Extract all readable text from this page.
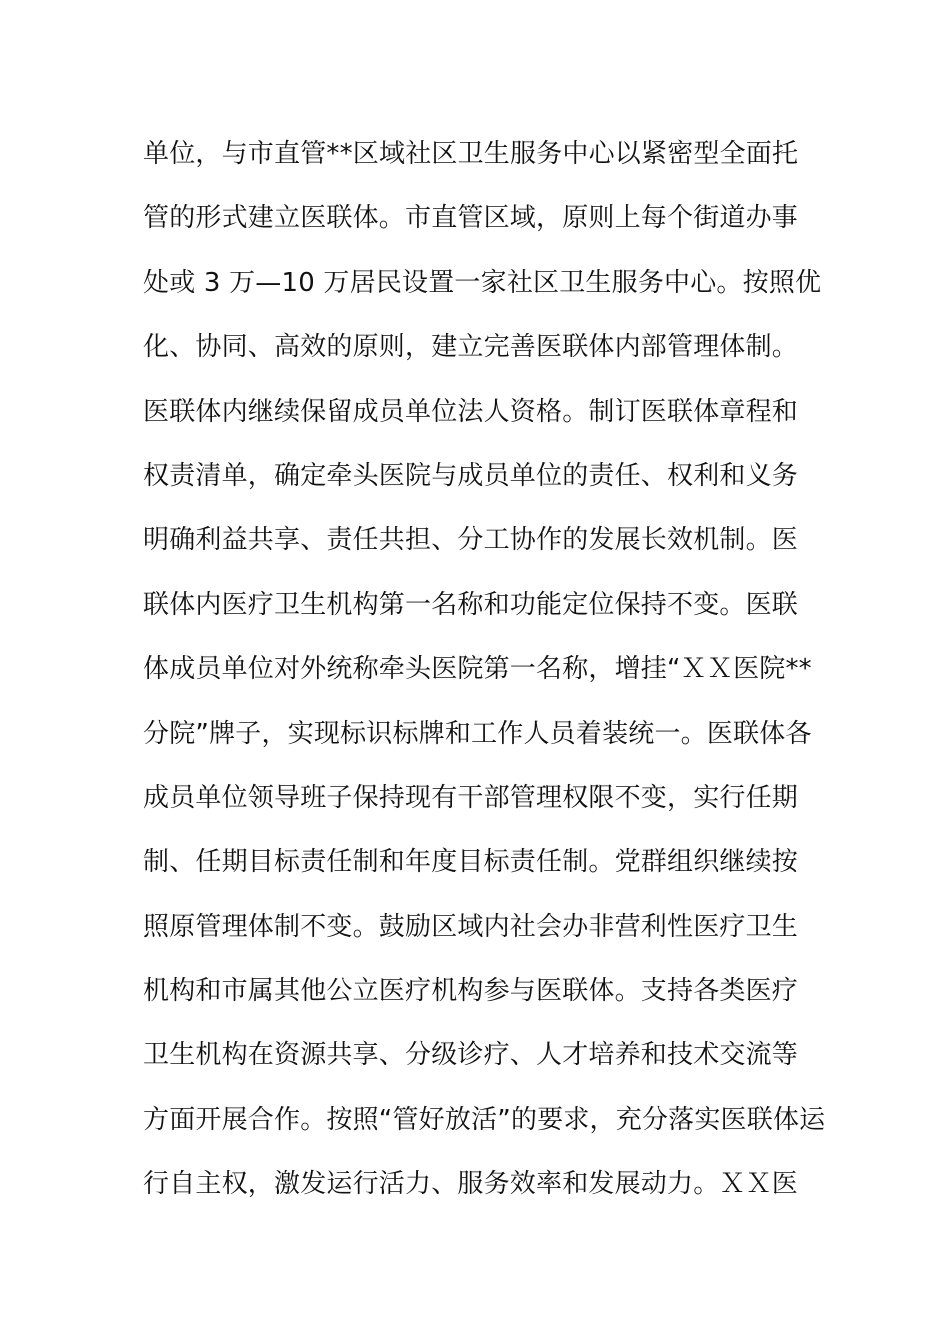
单位，与市直管**区域社区卫生服务中心以紧密型全面托
管的形式建立医联体。市直管区域，原则上每个街道办事
处或 3 万—10 万居民设置一家社区卫生服务中心。按照优
化、协同、高效的原则，建立完善医联体内部管理体制。
医联体内继续保留成员单位法人资格。制订医联体章程和
权责清单，确定牵头医院与成员单位的责任、权利和义务
明确利益共享、责任共担、分工协作的发展长效机制。医
联体内医疗卫生机构第一名称和功能定位保持不变。医联
体成员单位对外统称牵头医院第一名称，增挂“ＸＸ医院**
分院”牌子，实现标识标牌和工作人员着装统一。医联体各
成员单位领导班子保持现有干部管理权限不变，实行任期
制、任期目标责任制和年度目标责任制。党群组织继续按
照原管理体制不变。鼓励区域内社会办非营利性医疗卫生
机构和市属其他公立医疗机构参与医联体。支持各类医疗
卫生机构在资源共享、分级诊疗、人才培养和技术交流等
方面开展合作。按照“管好放活”的要求，充分落实医联体运
行自主权，激发运行活力、服务效率和发展动力。ＸＸ医
